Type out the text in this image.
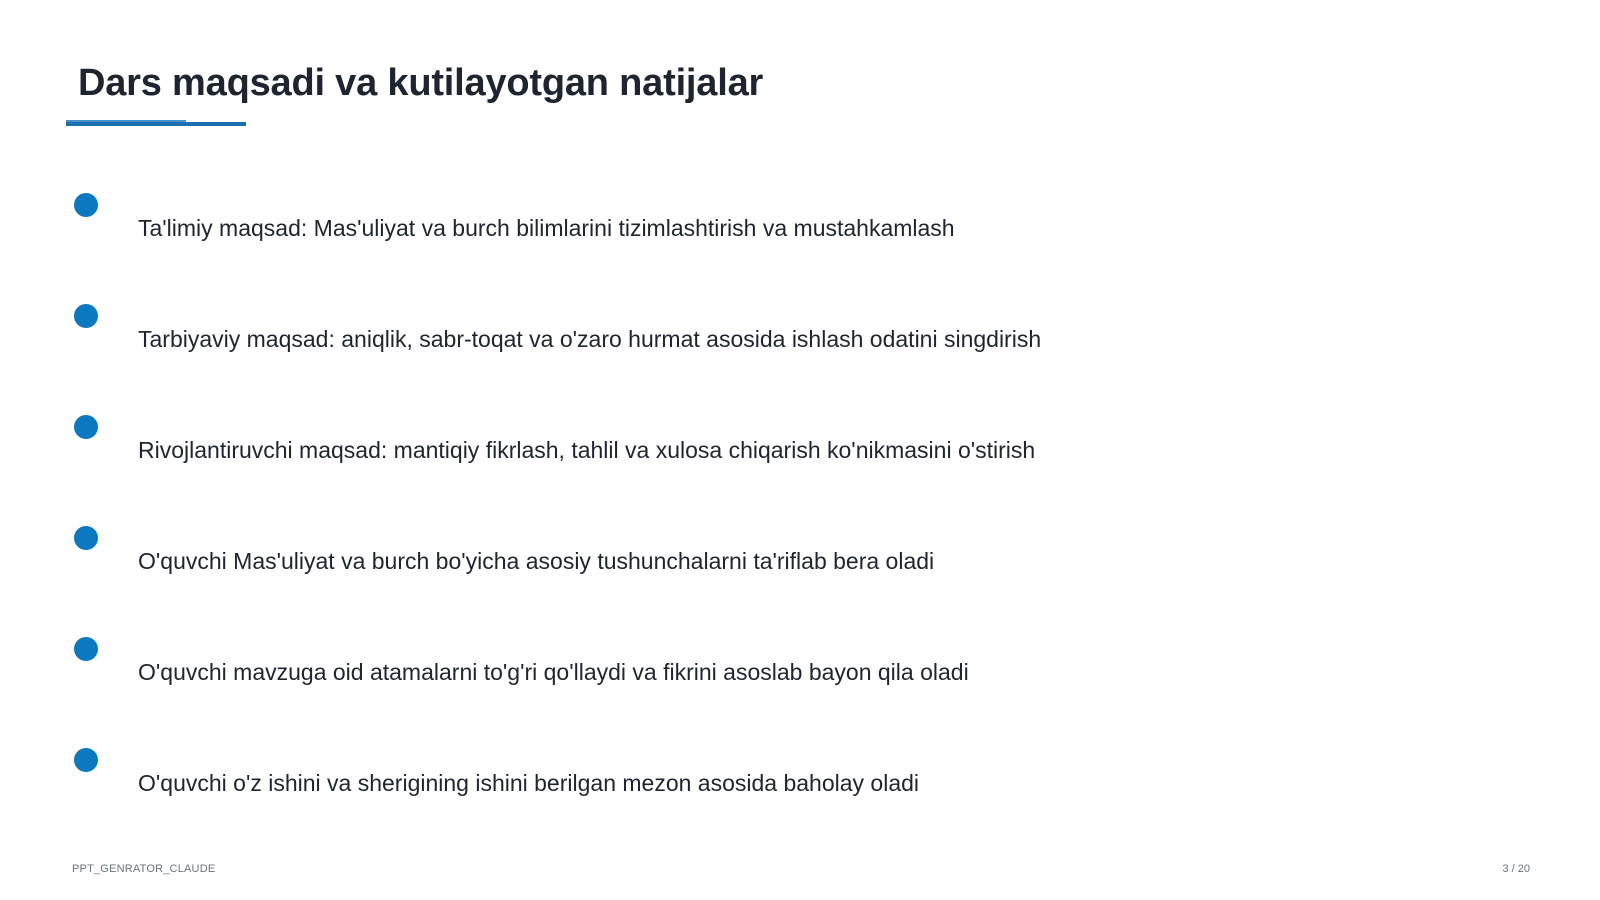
Dars maqsadi va kutilayotgan natijalar
Ta'limiy maqsad: Mas'uliyat va burch bilimlarini tizimlashtirish va mustahkamlash
Tarbiyaviy maqsad: aniqlik, sabr-toqat va o'zaro hurmat asosida ishlash odatini singdirish
Rivojlantiruvchi maqsad: mantiqiy fikrlash, tahlil va xulosa chiqarish ko'nikmasini o'stirish
O'quvchi Mas'uliyat va burch bo'yicha asosiy tushunchalarni ta'riflab bera oladi
O'quvchi mavzuga oid atamalarni to'g'ri qo'llaydi va fikrini asoslab bayon qila oladi
O'quvchi o'z ishini va sherigining ishini berilgan mezon asosida baholay oladi
PPT_GENRATOR_CLAUDE	3 / 20
